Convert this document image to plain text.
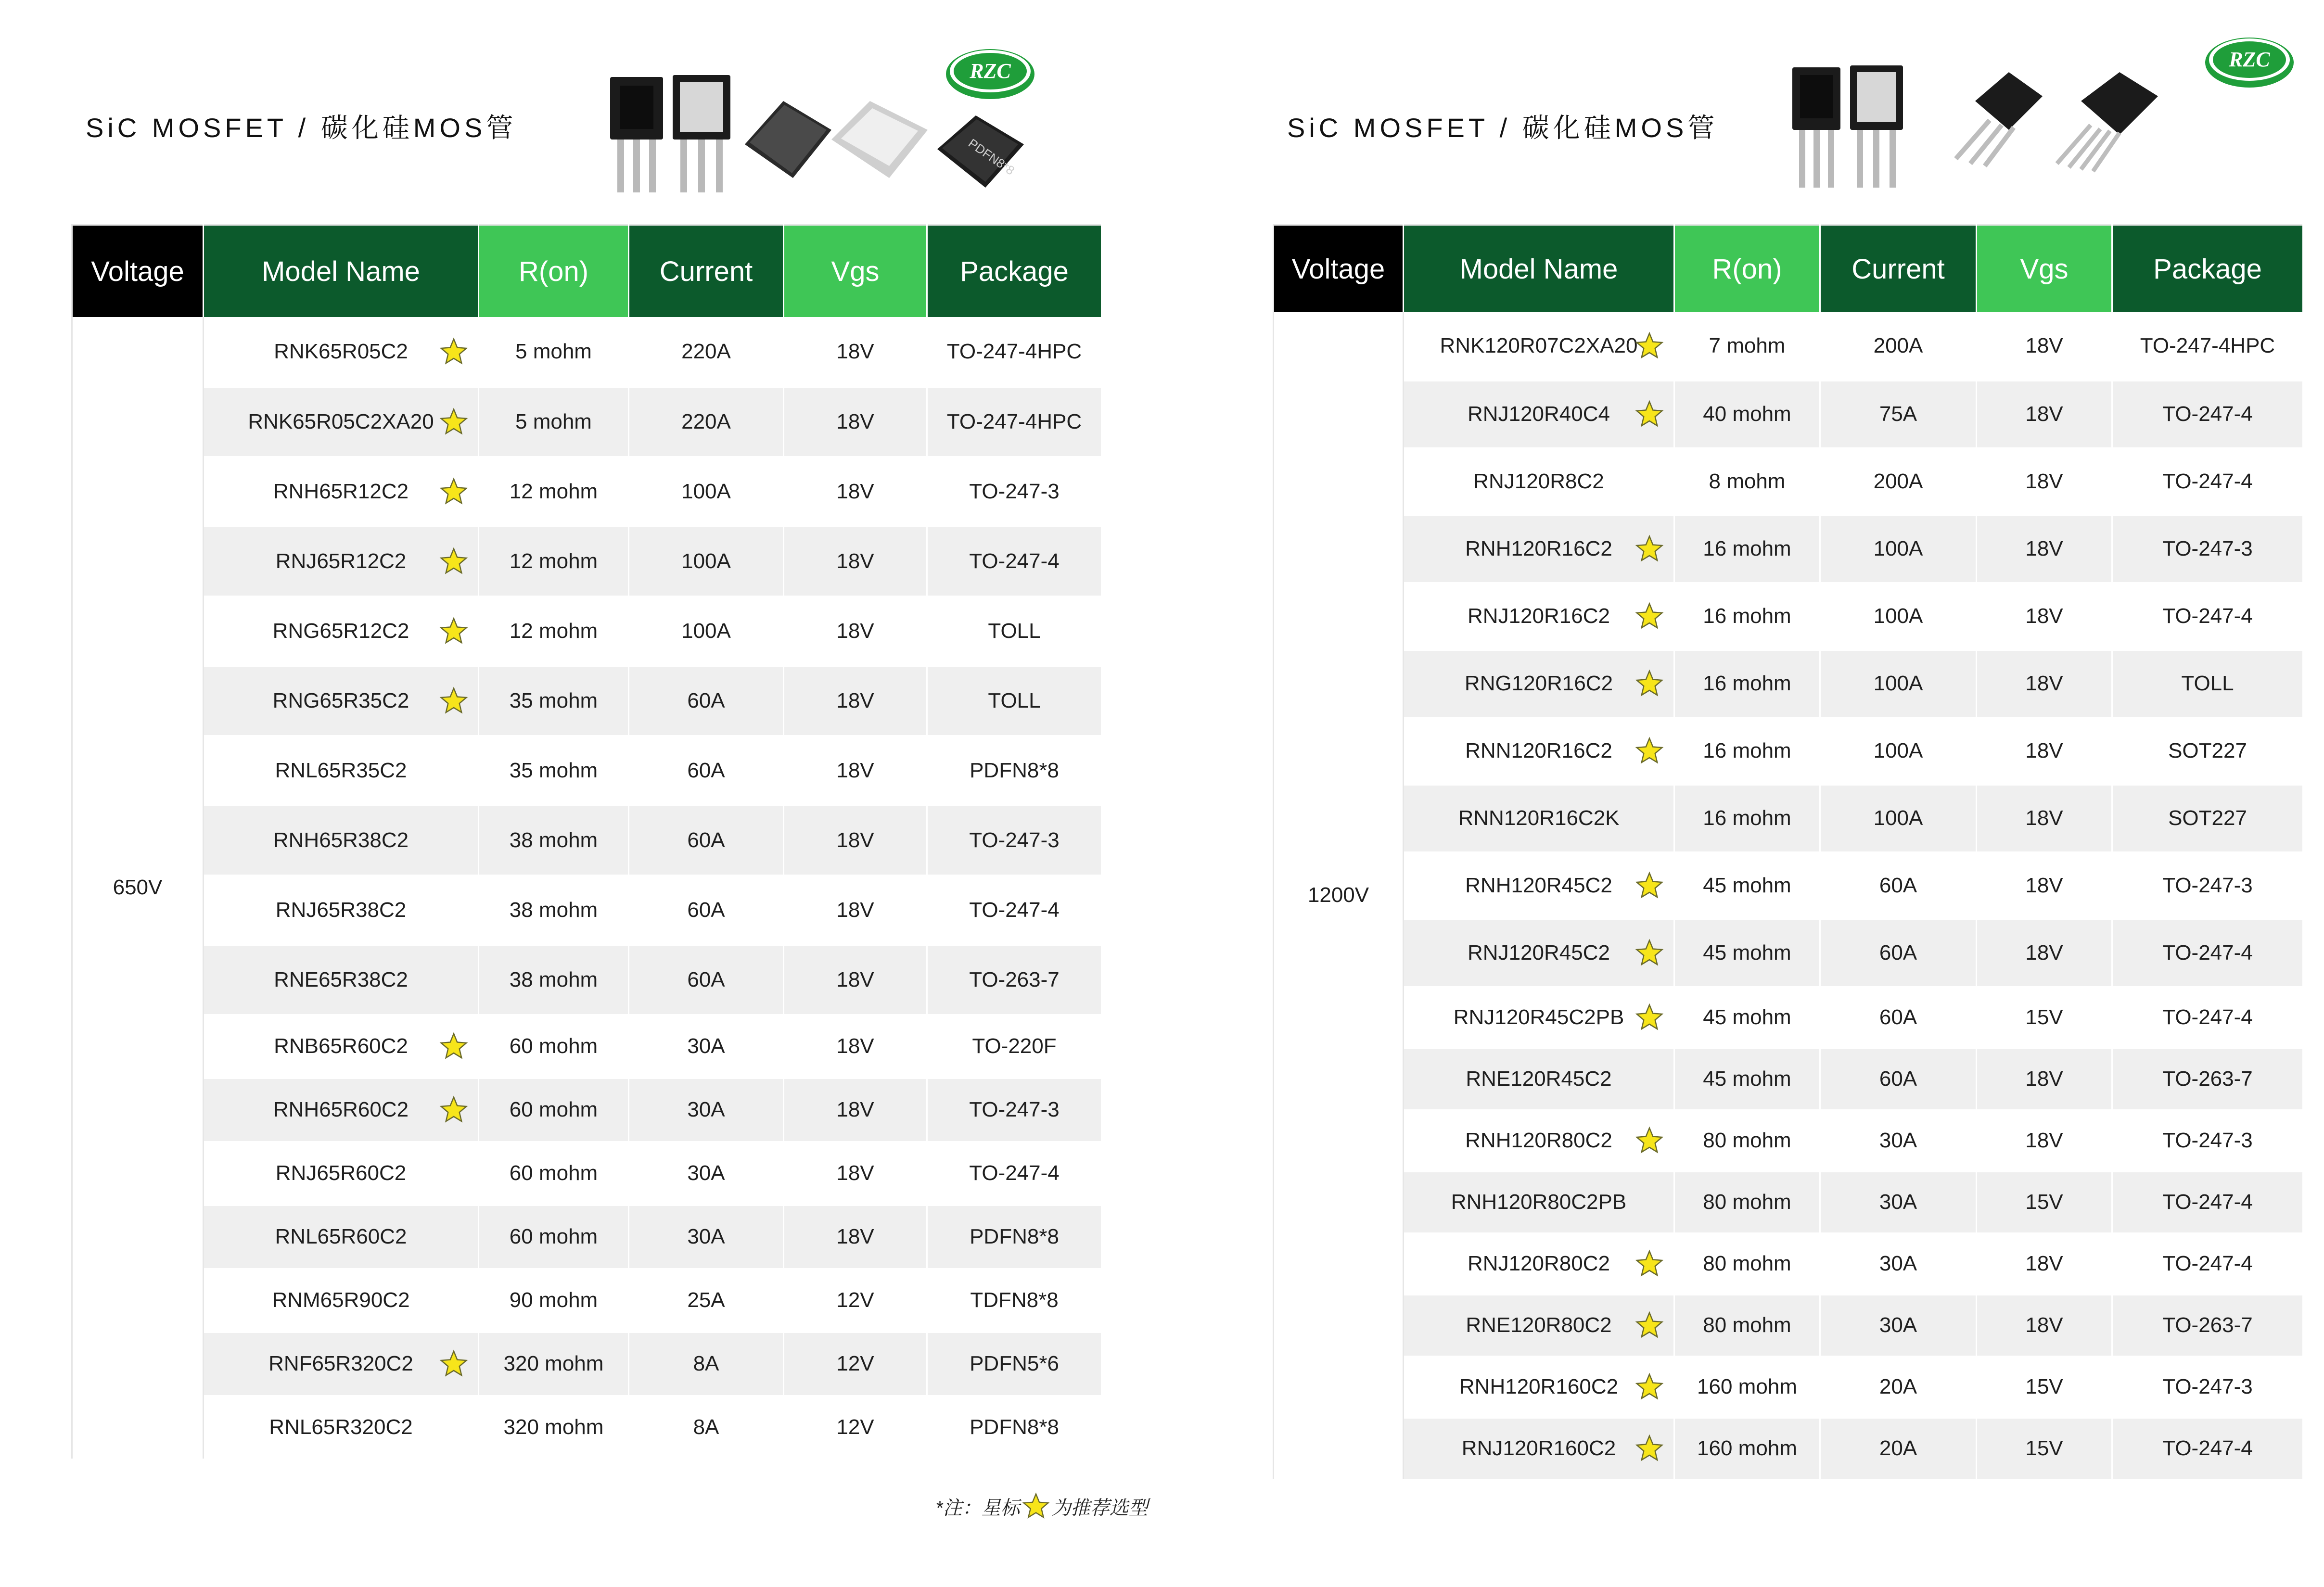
SiC MOSFET / 碳化硅MOS管
PDFN8*8
RZC
Voltage	Model Name	R(on)	Current	Vgs	Package
650V	RNK65R05C2	5 mohm	220A	18V	TO-247-4HPC
	RNK65R05C2XA20	5 mohm	220A	18V	TO-247-4HPC
	RNH65R12C2	12 mohm	100A	18V	TO-247-3
	RNJ65R12C2	12 mohm	100A	18V	TO-247-4
	RNG65R12C2	12 mohm	100A	18V	TOLL
	RNG65R35C2	35 mohm	60A	18V	TOLL
	RNL65R35C2	35 mohm	60A	18V	PDFN8*8
	RNH65R38C2	38 mohm	60A	18V	TO-247-3
	RNJ65R38C2	38 mohm	60A	18V	TO-247-4
	RNE65R38C2	38 mohm	60A	18V	TO-263-7
	RNB65R60C2	60 mohm	30A	18V	TO-220F
	RNH65R60C2	60 mohm	30A	18V	TO-247-3
	RNJ65R60C2	60 mohm	30A	18V	TO-247-4
	RNL65R60C2	60 mohm	30A	18V	PDFN8*8
	RNM65R90C2	90 mohm	25A	12V	TDFN8*8
	RNF65R320C2	320 mohm	8A	12V	PDFN5*6
	RNL65R320C2	320 mohm	8A	12V	PDFN8*8
*注：星标 为推荐选型
SiC MOSFET / 碳化硅MOS管
RZC
Voltage	Model Name	R(on)	Current	Vgs	Package
1200V	RNK120R07C2XA20	7 mohm	200A	18V	TO-247-4HPC
	RNJ120R40C4	40 mohm	75A	18V	TO-247-4
	RNJ120R8C2	8 mohm	200A	18V	TO-247-4
	RNH120R16C2	16 mohm	100A	18V	TO-247-3
	RNJ120R16C2	16 mohm	100A	18V	TO-247-4
	RNG120R16C2	16 mohm	100A	18V	TOLL
	RNN120R16C2	16 mohm	100A	18V	SOT227
	RNN120R16C2K	16 mohm	100A	18V	SOT227
	RNH120R45C2	45 mohm	60A	18V	TO-247-3
	RNJ120R45C2	45 mohm	60A	18V	TO-247-4
	RNJ120R45C2PB	45 mohm	60A	15V	TO-247-4
	RNE120R45C2	45 mohm	60A	18V	TO-263-7
	RNH120R80C2	80 mohm	30A	18V	TO-247-3
	RNH120R80C2PB	80 mohm	30A	15V	TO-247-4
	RNJ120R80C2	80 mohm	30A	18V	TO-247-4
	RNE120R80C2	80 mohm	30A	18V	TO-263-7
	RNH120R160C2	160 mohm	20A	15V	TO-247-3
	RNJ120R160C2	160 mohm	20A	15V	TO-247-4
